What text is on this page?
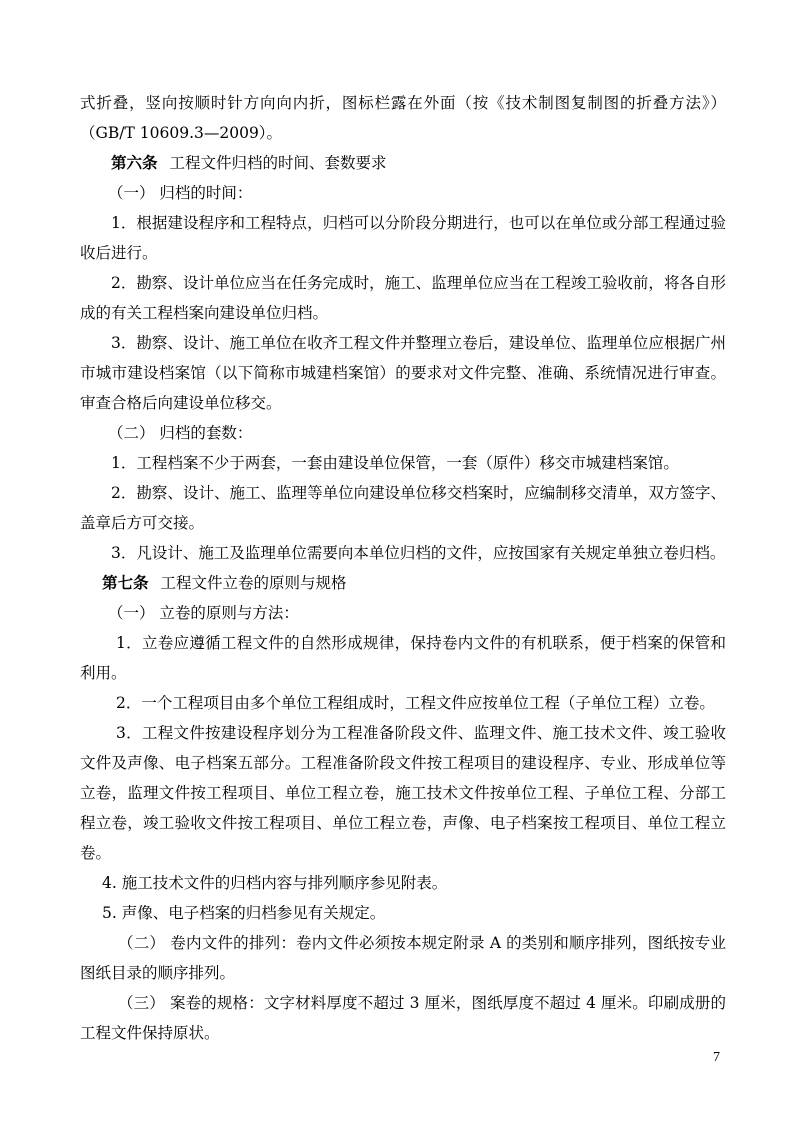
式折叠，竖向按顺时针方向向内折，图标栏露在外面（按《技术制图复制图的折叠方法》）（GB/T 10609.3—2009）。

第六条 工程文件归档的时间、套数要求

（一） 归档的时间：

1．根据建设程序和工程特点，归档可以分阶段分期进行，也可以在单位或分部工程通过验收后进行。

2．勘察、设计单位应当在任务完成时，施工、监理单位应当在工程竣工验收前，将各自形成的有关工程档案向建设单位归档。

3．勘察、设计、施工单位在收齐工程文件并整理立卷后，建设单位、监理单位应根据广州市城市建设档案馆（以下简称市城建档案馆）的要求对文件完整、准确、系统情况进行审查。审查合格后向建设单位移交。

（二） 归档的套数：

1．工程档案不少于两套，一套由建设单位保管，一套（原件）移交市城建档案馆。

2．勘察、设计、施工、监理等单位向建设单位移交档案时，应编制移交清单，双方签字、盖章后方可交接。

3．凡设计、施工及监理单位需要向本单位归档的文件，应按国家有关规定单独立卷归档。

第七条 工程文件立卷的原则与规格

（一） 立卷的原则与方法：

1．立卷应遵循工程文件的自然形成规律，保持卷内文件的有机联系，便于档案的保管和利用。

2．一个工程项目由多个单位工程组成时，工程文件应按单位工程（子单位工程）立卷。

3．工程文件按建设程序划分为工程准备阶段文件、监理文件、施工技术文件、竣工验收文件及声像、电子档案五部分。工程准备阶段文件按工程项目的建设程序、专业、形成单位等立卷，监理文件按工程项目、单位工程立卷，施工技术文件按单位工程、子单位工程、分部工程立卷，竣工验收文件按工程项目、单位工程立卷，声像、电子档案按工程项目、单位工程立卷。

4. 施工技术文件的归档内容与排列顺序参见附表。

5. 声像、电子档案的归档参见有关规定。

（二） 卷内文件的排列：卷内文件必须按本规定附录 A 的类别和顺序排列，图纸按专业图纸目录的顺序排列。

（三） 案卷的规格：文字材料厚度不超过 3 厘米，图纸厚度不超过 4 厘米。印刷成册的工程文件保持原状。

7
